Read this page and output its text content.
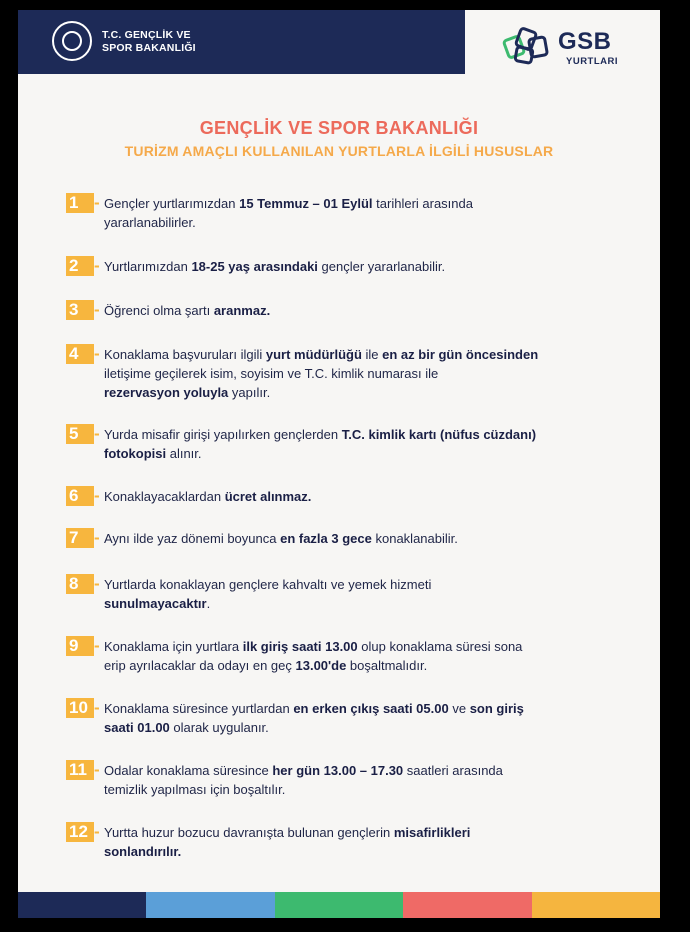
T.C. GENÇLİK VE
SPOR BAKANLIĞI	GSB
YURTLARI
GENÇLİK VE SPOR BAKANLIĞI
TURİZM AMAÇLI KULLANILAN YURTLARLA İLGİLİ HUSUSLAR
1 - Gençler yurtlarımızdan 15 Temmuz – 01 Eylül tarihleri arasında
yararlanabilirler.
2 - Yurtlarımızdan 18-25 yaş arasındaki gençler yararlanabilir.
3 - Öğrenci olma şartı aranmaz.
4 - Konaklama başvuruları ilgili yurt müdürlüğü ile en az bir gün öncesinden
iletişime geçilerek isim, soyisim ve T.C. kimlik numarası ile
rezervasyon yoluyla yapılır.
5 - Yurda misafir girişi yapılırken gençlerden T.C. kimlik kartı (nüfus cüzdanı)
fotokopisi alınır.
6 - Konaklayacaklardan ücret alınmaz.
7 - Aynı ilde yaz dönemi boyunca en fazla 3 gece konaklanabilir.
8 - Yurtlarda konaklayan gençlere kahvaltı ve yemek hizmeti
sunulmayacaktır.
9 - Konaklama için yurtlara ilk giriş saati 13.00 olup konaklama süresi sona
erip ayrılacaklar da odayı en geç 13.00'de boşaltmalıdır.
10 - Konaklama süresince yurtlardan en erken çıkış saati 05.00 ve son giriş
saati 01.00 olarak uygulanır.
11 - Odalar konaklama süresince her gün 13.00 – 17.30 saatleri arasında
temizlik yapılması için boşaltılır.
12 - Yurtta huzur bozucu davranışta bulunan gençlerin misafirlikleri
sonlandırılır.
